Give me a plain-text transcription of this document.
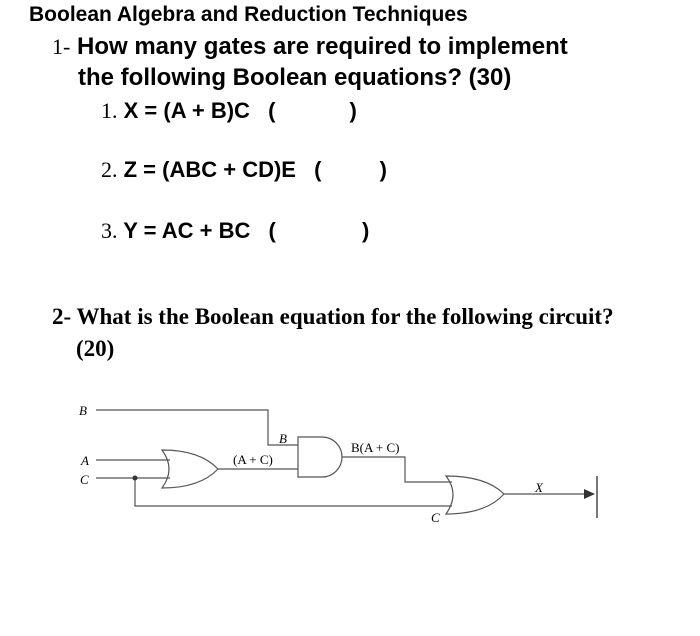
Boolean Algebra and Reduction Techniques
1- How many gates are required to implement
the following Boolean equations? (30)
1. X = (A + B)C (	)
2. Z = (ABC + CD)E (	)
3. Y = AC + BC (	)
2- What is the Boolean equation for the following circuit?
(20)
B
A
C
(A + C)
B
B(A + C)
C
X
